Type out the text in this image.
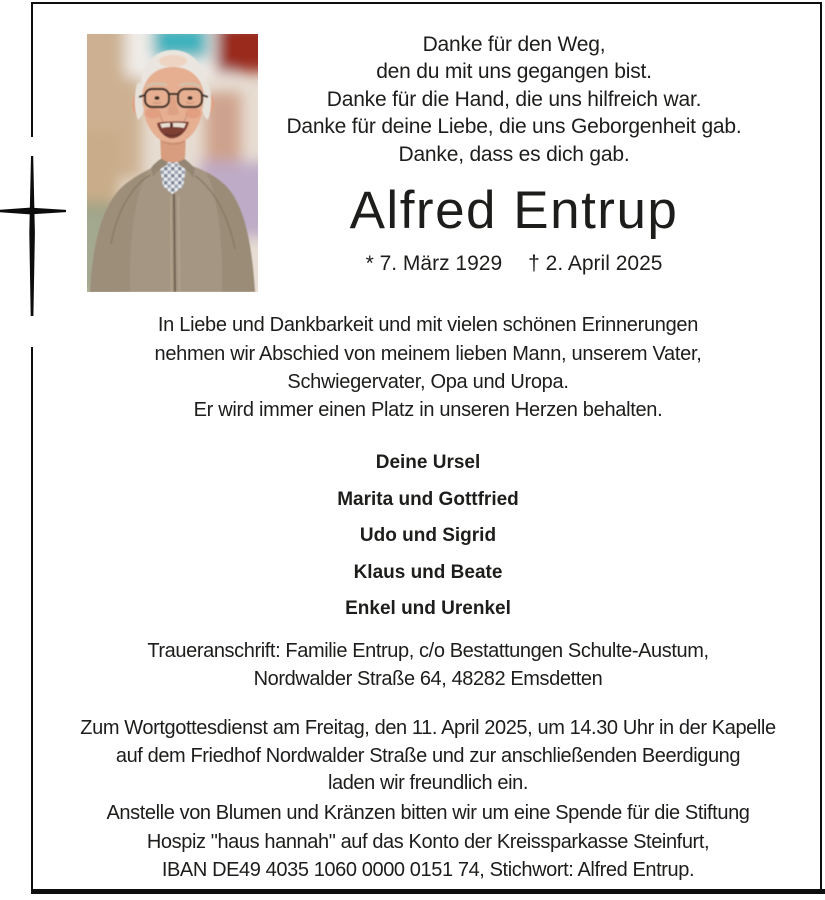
Danke für den Weg,
den du mit uns gegangen bist.
Danke für die Hand, die uns hilfreich war.
Danke für deine Liebe, die uns Geborgenheit gab.
Danke, dass es dich gab.
Alfred Entrup
* 7. März 1929 † 2. April 2025
In Liebe und Dankbarkeit und mit vielen schönen Erinnerungen
nehmen wir Abschied von meinem lieben Mann, unserem Vater,
Schwiegervater, Opa und Uropa.
Er wird immer einen Platz in unseren Herzen behalten.
Deine Ursel
Marita und Gottfried
Udo und Sigrid
Klaus und Beate
Enkel und Urenkel
Traueranschrift: Familie Entrup, c/o Bestattungen Schulte-Austum,
Nordwalder Straße 64, 48282 Emsdetten
Zum Wortgottesdienst am Freitag, den 11. April 2025, um 14.30 Uhr in der Kapelle
auf dem Friedhof Nordwalder Straße und zur anschließenden Beerdigung
laden wir freundlich ein.
Anstelle von Blumen und Kränzen bitten wir um eine Spende für die Stiftung
Hospiz "haus hannah" auf das Konto der Kreissparkasse Steinfurt,
IBAN DE49 4035 1060 0000 0151 74, Stichwort: Alfred Entrup.
